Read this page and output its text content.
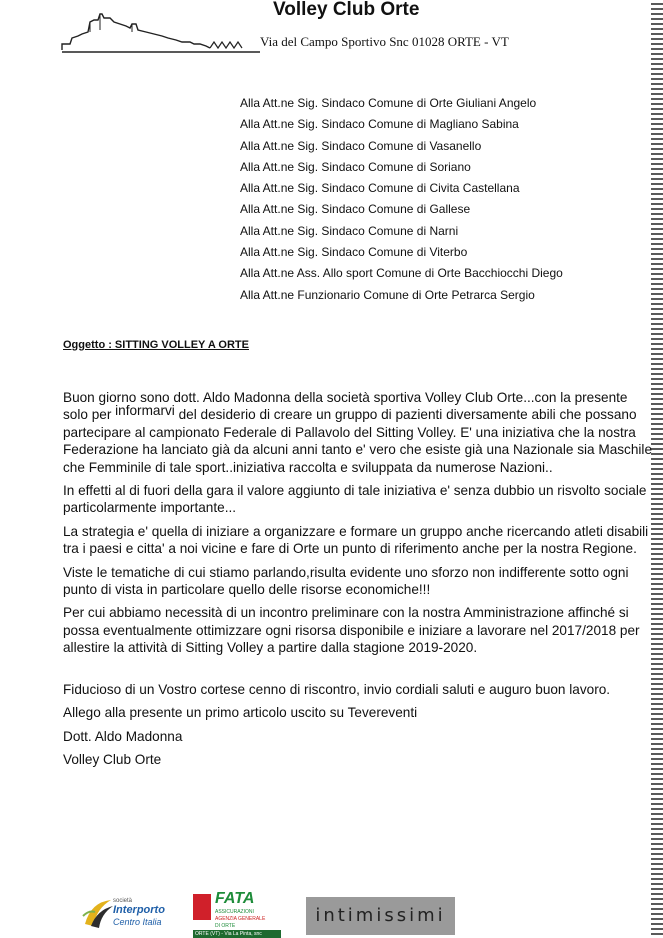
Volley Club Orte
Via del Campo Sportivo Snc 01028 ORTE - VT
Alla Att.ne Sig. Sindaco Comune di Orte Giuliani Angelo
Alla Att.ne Sig. Sindaco Comune di Magliano Sabina
Alla Att.ne Sig. Sindaco Comune di Vasanello
Alla Att.ne Sig. Sindaco Comune di Soriano
Alla Att.ne Sig. Sindaco Comune di Civita Castellana
Alla Att.ne Sig. Sindaco Comune di Gallese
Alla Att.ne Sig. Sindaco Comune di Narni
Alla Att.ne Sig. Sindaco Comune di Viterbo
Alla Att.ne Ass. Allo sport Comune di Orte Bacchiocchi Diego
Alla Att.ne Funzionario Comune di Orte Petrarca Sergio
Oggetto : SITTING VOLLEY A ORTE

Buon giorno sono dott. Aldo Madonna della società sportiva Volley Club Orte...con la presente solo per informarvi del desiderio di creare un gruppo di pazienti diversamente abili che possano partecipare al campionato Federale di Pallavolo del Sitting Volley. E' una iniziativa che la nostra Federazione ha lanciato già da alcuni anni tanto e' vero che esiste già una Nazionale sia Maschile che Femminile di tale sport..iniziativa raccolta e sviluppata da numerose Nazioni..

In effetti al di fuori della gara il valore aggiunto di tale iniziativa e' senza dubbio un risvolto sociale particolarmente importante...

La strategia e' quella di iniziare a organizzare e formare un gruppo anche ricercando atleti disabili tra i paesi e citta' a noi vicine e fare di Orte un punto di riferimento anche per la nostra Regione.

Viste le tematiche di cui stiamo parlando,risulta evidente uno sforzo non indifferente sotto ogni punto di vista in particolare quello delle risorse economiche!!!

Per cui abbiamo necessità di un incontro preliminare con la nostra Amministrazione affinché si possa eventualmente ottimizzare ogni risorsa disponibile e iniziare a lavorare nel 2017/2018 per allestire la attività di Sitting Volley a partire dalla stagione 2019-2020.

Fiducioso di un Vostro cortese cenno di riscontro, invio cordiali saluti e auguro buon lavoro.

Allego alla presente un primo articolo uscito su Tevereventi

Dott. Aldo Madonna

Volley Club Orte

società
Interporto
Centro Italia
FATA
ASSICURAZIONI
AGENZIA GENERALE
DI ORTE
ORTE (VT) - Via La Pinta, snc
intimissimi
